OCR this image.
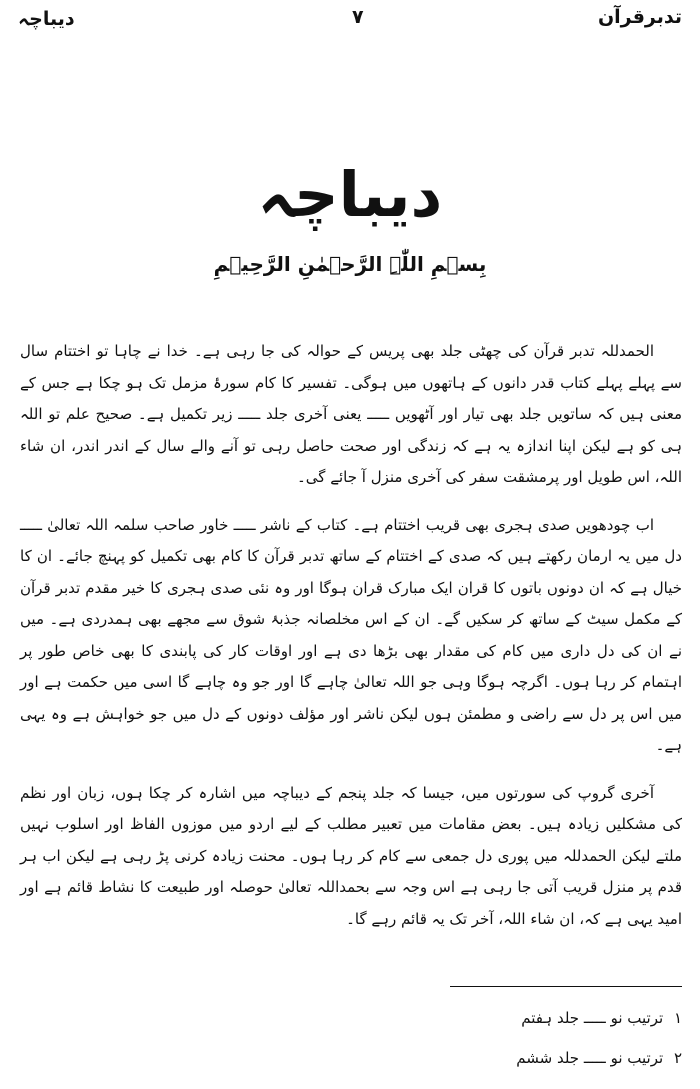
تدبرقرآن
۷
دیباچہ
دیباچہ
بِسۡمِ اللّٰہِ الرَّحۡمٰنِ الرَّحِیۡمِ

الحمدللہ تدبر قرآن کی چھٹی جلد بھی پریس کے حوالہ کی جا رہی ہے۔ خدا نے چاہا تو اختتام سال سے پہلے پہلے کتاب قدر دانوں کے ہاتھوں میں ہوگی۔ تفسیر کا کام سورۂ مزمل تک ہو چکا ہے جس کے معنی ہیں کہ ساتویں جلد بھی تیار اور آٹھویں ـــــ یعنی آخری جلد ـــــ زیر تکمیل ہے۔ صحیح علم تو اللہ ہی کو ہے لیکن اپنا اندازہ یہ ہے کہ زندگی اور صحت حاصل رہی تو آنے والے سال کے اندر اندر، ان شاء اللہ، اس طویل اور پرمشقت سفر کی آخری منزل آ جائے گی۔

اب چودھویں صدی ہجری بھی قریب اختتام ہے۔ کتاب کے ناشر ـــــ خاور صاحب سلمہ اللہ تعالیٰ ـــــ دل میں یہ ارمان رکھتے ہیں کہ صدی کے اختتام کے ساتھ تدبر قرآن کا کام بھی تکمیل کو پہنچ جائے۔ ان کا خیال ہے کہ ان دونوں باتوں کا قران ایک مبارک قران ہوگا اور وہ نئی صدی ہجری کا خیر مقدم تدبر قرآن کے مکمل سیٹ کے ساتھ کر سکیں گے۔ ان کے اس مخلصانہ جذبۂ شوق سے مجھے بھی ہمدردی ہے۔ میں نے ان کی دل داری میں کام کی مقدار بھی بڑھا دی ہے اور اوقات کار کی پابندی کا بھی خاص طور پر اہتمام کر رہا ہوں۔ اگرچہ ہوگا وہی جو اللہ تعالیٰ چاہے گا اور جو وہ چاہے گا اسی میں حکمت ہے اور میں اس پر دل سے راضی و مطمئن ہوں لیکن ناشر اور مؤلف دونوں کے دل میں جو خواہش ہے وہ یہی ہے۔

آخری گروپ کی سورتوں میں، جیسا کہ جلد پنجم کے دیباچہ میں اشارہ کر چکا ہوں، زبان اور نظم کی مشکلیں زیادہ ہیں۔ بعض مقامات میں تعبیر مطلب کے لیے اردو میں موزوں الفاظ اور اسلوب نہیں ملتے لیکن الحمدللہ میں پوری دل جمعی سے کام کر رہا ہوں۔ محنت زیادہ کرنی پڑ رہی ہے لیکن اب ہر قدم پر منزل قریب آتی جا رہی ہے اس وجہ سے بحمداللہ تعالیٰ حوصلہ اور طبیعت کا نشاط قائم ہے اور امید یہی ہے کہ، ان شاء اللہ، آخر تک یہ قائم رہے گا۔

۱ ترتیب نو ـــــ جلد ہفتم
۲ ترتیب نو ـــــ جلد ششم
